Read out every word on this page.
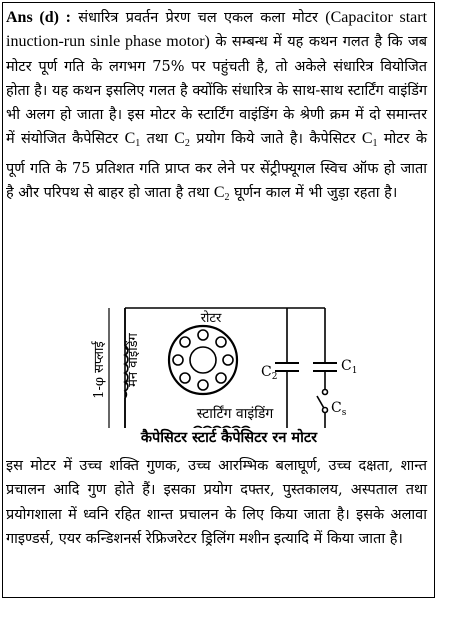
Ans (d) : संधारित्र प्रवर्तन प्रेरण चल एकल कला मोटर (Capacitor start inuction-run sinle phase motor) के सम्बन्ध में यह कथन गलत है कि जब मोटर पूर्ण गति के लगभग 75% पर पहुंचती है, तो अकेले संधारित्र वियोजित होता है। यह कथन इसलिए गलत है क्योंकि संधारित्र के साथ-साथ स्टार्टिंग वाइंडिंग भी अलग हो जाता है। इस मोटर के स्टार्टिंग वाइंडिंग के श्रेणी क्रम में दो समान्तर में संयोजित कैपेसिटर $C_1$ तथा $C_2$ प्रयोग किये जाते है। कैपेसिटर $C_1$ मोटर के पूर्ण गति के 75 प्रतिशत गति प्राप्त कर लेने पर सेंट्रीफ्यूगल स्विच ऑफ हो जाता है और परिपथ से बाहर हो जाता है तथा $C_2$ घूर्णन काल में भी जुड़ा रहता है।

1-φ सप्लाई मेन वाइंडिंग
रोटर
$C_2$
$C_1$
$C_s$
स्टार्टिंग वाइंडिंग
कैपेसिटर स्टार्ट कैपेसिटर रन मोटर

इस मोटर में उच्च शक्ति गुणक, उच्च आरम्भिक बलाघूर्ण, उच्च दक्षता, शान्त प्रचालन आदि गुण होते हैं। इसका प्रयोग दफ्तर, पुस्तकालय, अस्पताल तथा प्रयोगशाला में ध्वनि रहित शान्त प्रचालन के लिए किया जाता है। इसके अलावा गाइण्डर्स, एयर कन्डिशनर्स रेफ्रिजरेटर ड्रिलिंग मशीन इत्यादि में किया जाता है।
